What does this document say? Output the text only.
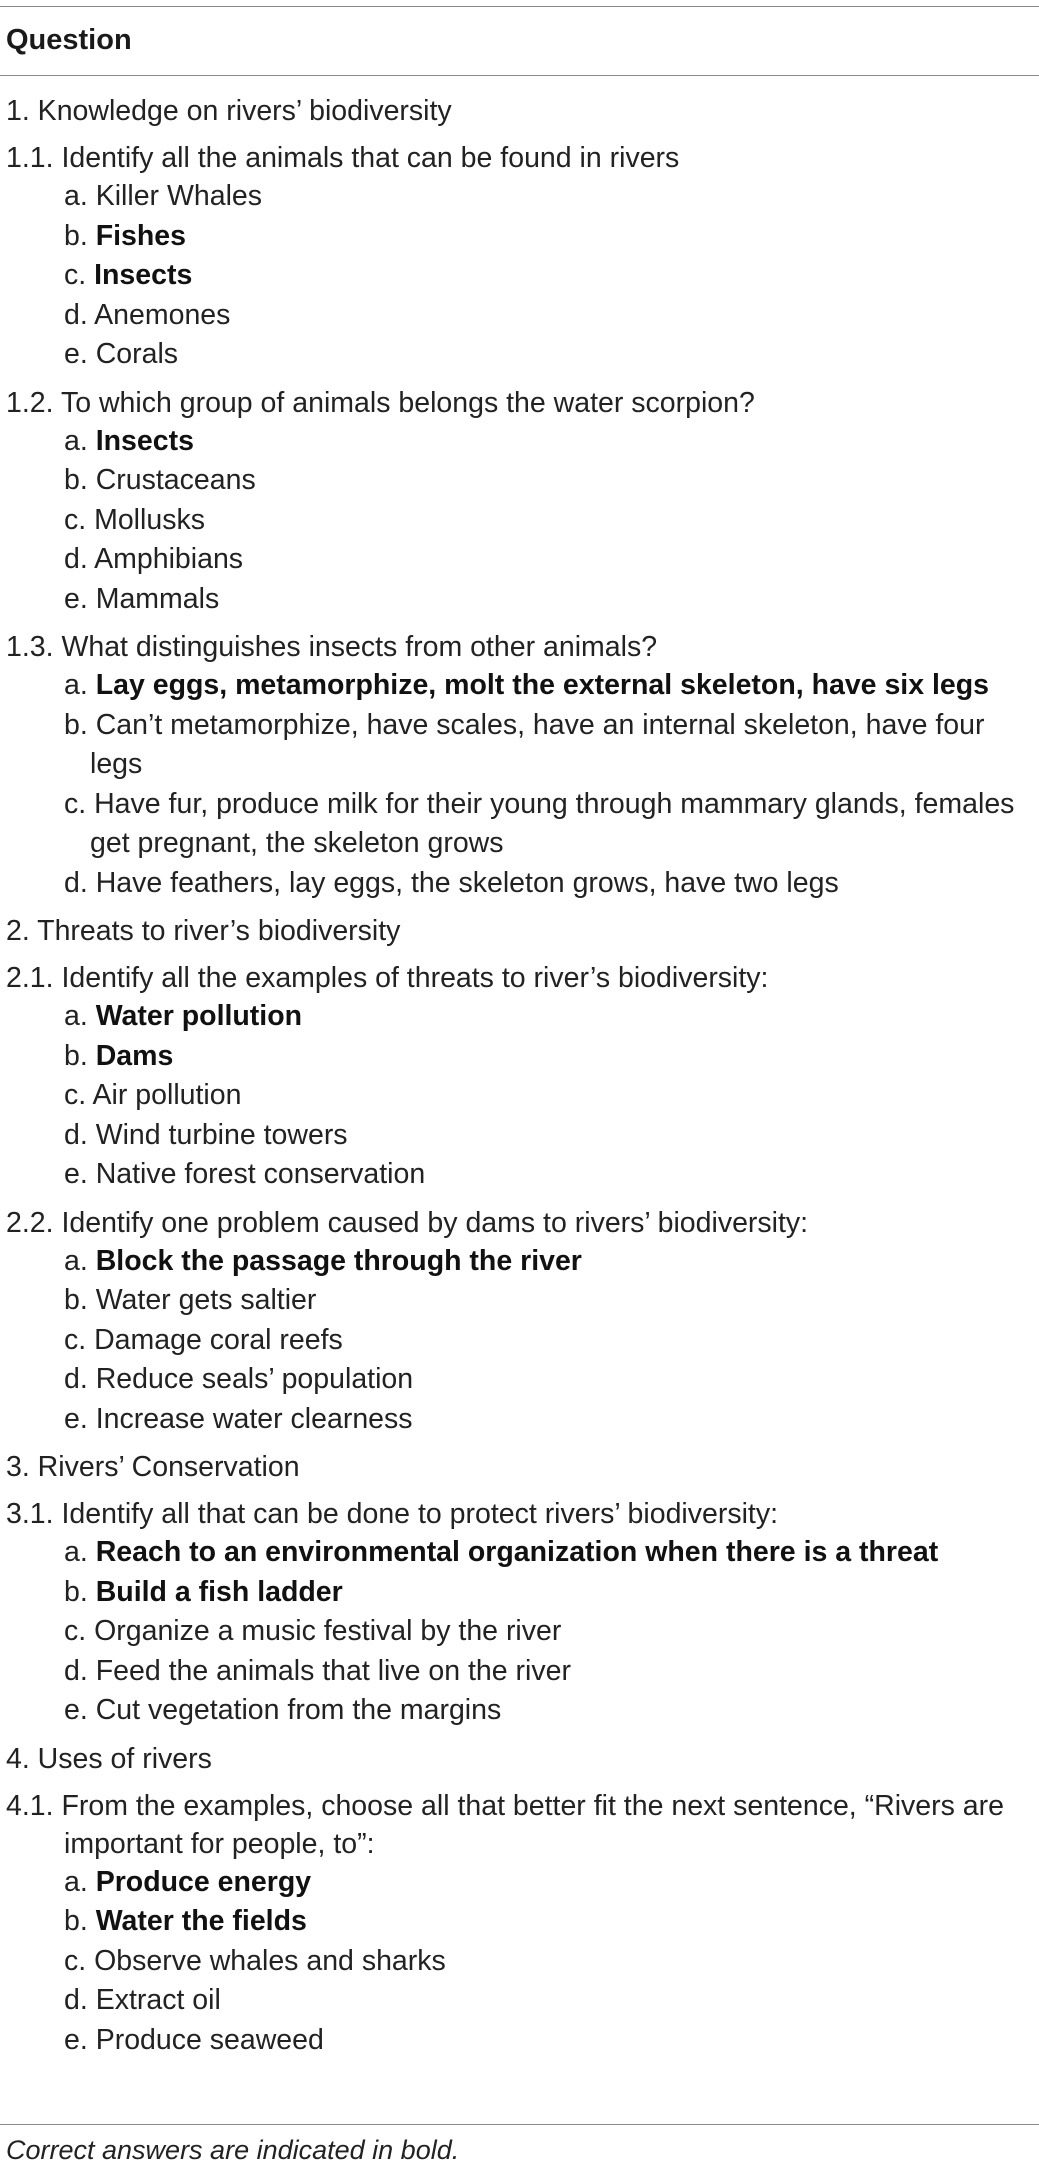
Question
1. Knowledge on rivers’ biodiversity
1.1. Identify all the animals that can be found in rivers
a. Killer Whales
b. Fishes
c. Insects
d. Anemones
e. Corals
1.2. To which group of animals belongs the water scorpion?
a. Insects
b. Crustaceans
c. Mollusks
d. Amphibians
e. Mammals
1.3. What distinguishes insects from other animals?
a. Lay eggs, metamorphize, molt the external skeleton, have six legs
b. Can’t metamorphize, have scales, have an internal skeleton, have four legs
c. Have fur, produce milk for their young through mammary glands, females get pregnant, the skeleton grows
d. Have feathers, lay eggs, the skeleton grows, have two legs
2. Threats to river’s biodiversity
2.1. Identify all the examples of threats to river’s biodiversity:
a. Water pollution
b. Dams
c. Air pollution
d. Wind turbine towers
e. Native forest conservation
2.2. Identify one problem caused by dams to rivers’ biodiversity:
a. Block the passage through the river
b. Water gets saltier
c. Damage coral reefs
d. Reduce seals’ population
e. Increase water clearness
3. Rivers’ Conservation
3.1. Identify all that can be done to protect rivers’ biodiversity:
a. Reach to an environmental organization when there is a threat
b. Build a fish ladder
c. Organize a music festival by the river
d. Feed the animals that live on the river
e. Cut vegetation from the margins
4. Uses of rivers
4.1. From the examples, choose all that better fit the next sentence, “Rivers are important for people, to”:
a. Produce energy
b. Water the fields
c. Observe whales and sharks
d. Extract oil
e. Produce seaweed
Correct answers are indicated in bold.
